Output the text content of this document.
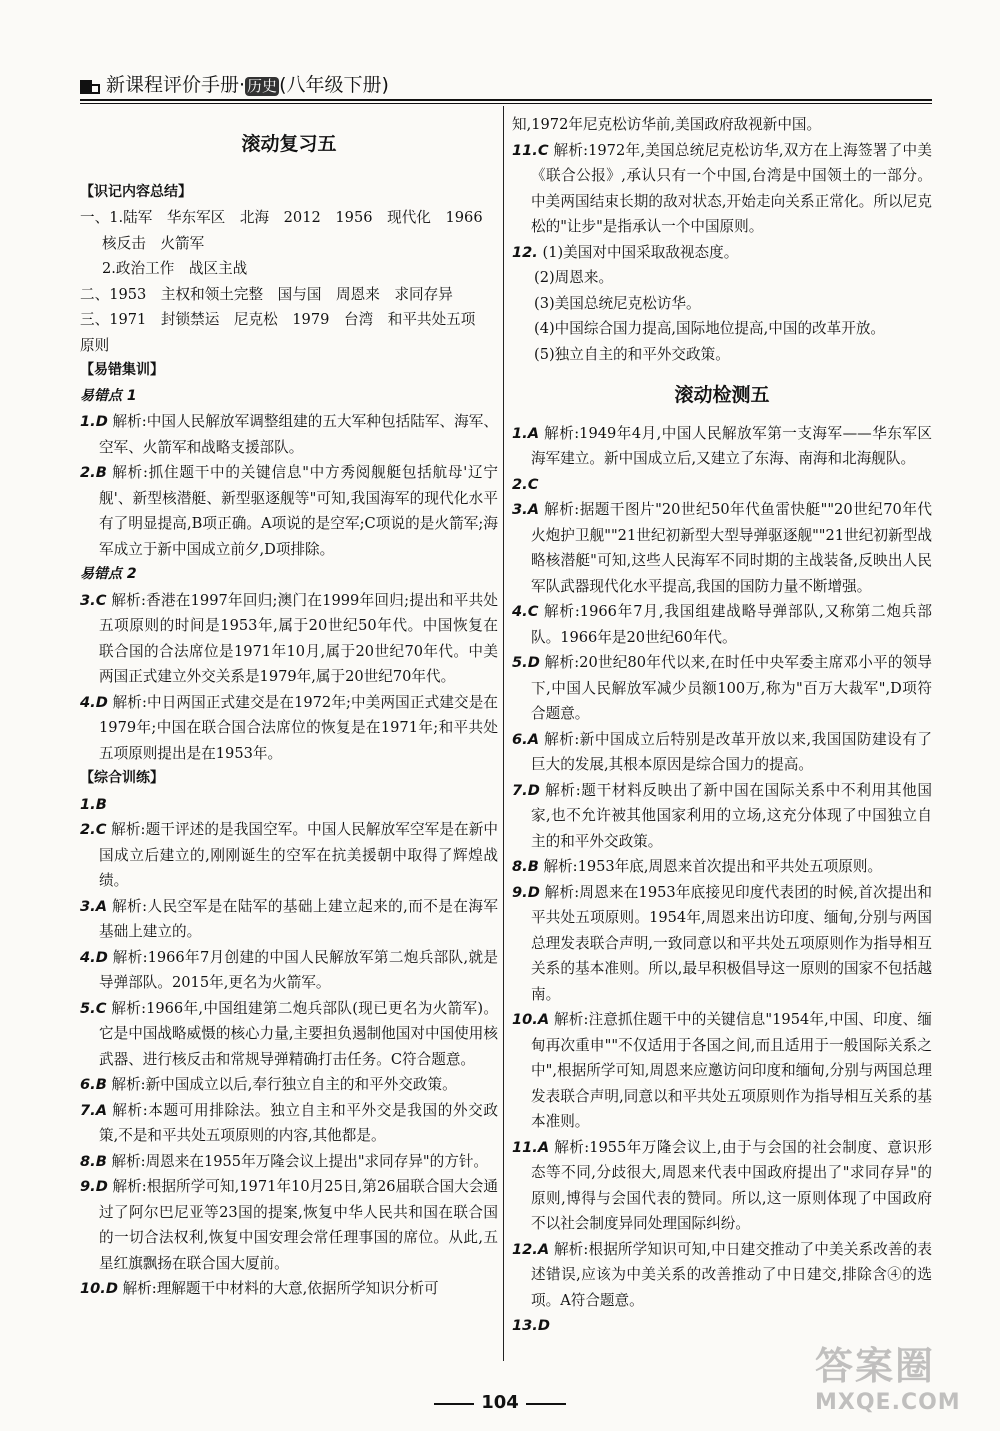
新课程评价手册· 历史 (八年级下册)
滚动复习五
【识记内容总结】
一、1.陆军　华东军区　北海　2012　1956　现代化　1966
核反击　火箭军
2.政治工作　战区主战
二、1953　主权和领土完整　国与国　周恩来　求同存异
三、1971　封锁禁运　尼克松　1979　台湾　和平共处五项
原则
【易错集训】
易错点 1
1.D 解析:中国人民解放军调整组建的五大军种包括陆军、海军、空军、火箭军和战略支援部队。
2.B 解析:抓住题干中的关键信息"中方秀阅舰艇包括航母'辽宁舰'、新型核潜艇、新型驱逐舰等"可知,我国海军的现代化水平有了明显提高,B项正确。A项说的是空军;C项说的是火箭军;海军成立于新中国成立前夕,D项排除。
易错点 2
3.C 解析:香港在1997年回归;澳门在1999年回归;提出和平共处五项原则的时间是1953年,属于20世纪50年代。中国恢复在联合国的合法席位是1971年10月,属于20世纪70年代。中美两国正式建立外交关系是1979年,属于20世纪70年代。
4.D 解析:中日两国正式建交是在1972年;中美两国正式建交是在1979年;中国在联合国合法席位的恢复是在1971年;和平共处五项原则提出是在1953年。
【综合训练】
1.B
2.C 解析:题干评述的是我国空军。中国人民解放军空军是在新中国成立后建立的,刚刚诞生的空军在抗美援朝中取得了辉煌战绩。
3.A 解析:人民空军是在陆军的基础上建立起来的,而不是在海军基础上建立的。
4.D 解析:1966年7月创建的中国人民解放军第二炮兵部队,就是导弹部队。2015年,更名为火箭军。
5.C 解析:1966年,中国组建第二炮兵部队(现已更名为火箭军)。它是中国战略威慑的核心力量,主要担负遏制他国对中国使用核武器、进行核反击和常规导弹精确打击任务。C符合题意。
6.B 解析:新中国成立以后,奉行独立自主的和平外交政策。
7.A 解析:本题可用排除法。独立自主和平外交是我国的外交政策,不是和平共处五项原则的内容,其他都是。
8.B 解析:周恩来在1955年万隆会议上提出"求同存异"的方针。
9.D 解析:根据所学可知,1971年10月25日,第26届联合国大会通过了阿尔巴尼亚等23国的提案,恢复中华人民共和国在联合国的一切合法权利,恢复中国安理会常任理事国的席位。从此,五星红旗飘扬在联合国大厦前。
10.D 解析:理解题干中材料的大意,依据所学知识分析可
知,1972年尼克松访华前,美国政府敌视新中国。
11.C 解析:1972年,美国总统尼克松访华,双方在上海签署了中美《联合公报》,承认只有一个中国,台湾是中国领土的一部分。中美两国结束长期的敌对状态,开始走向关系正常化。所以尼克松的"让步"是指承认一个中国原则。
12. (1)美国对中国采取敌视态度。
(2)周恩来。
(3)美国总统尼克松访华。
(4)中国综合国力提高,国际地位提高,中国的改革开放。
(5)独立自主的和平外交政策。
滚动检测五
1.A 解析:1949年4月,中国人民解放军第一支海军——华东军区海军建立。新中国成立后,又建立了东海、南海和北海舰队。
2.C
3.A 解析:据题干图片"20世纪50年代鱼雷快艇""20世纪70年代火炮护卫舰""21世纪初新型大型导弹驱逐舰""21世纪初新型战略核潜艇"可知,这些人民海军不同时期的主战装备,反映出人民军队武器现代化水平提高,我国的国防力量不断增强。
4.C 解析:1966年7月,我国组建战略导弹部队,又称第二炮兵部队。1966年是20世纪60年代。
5.D 解析:20世纪80年代以来,在时任中央军委主席邓小平的领导下,中国人民解放军减少员额100万,称为"百万大裁军",D项符合题意。
6.A 解析:新中国成立后特别是改革开放以来,我国国防建设有了巨大的发展,其根本原因是综合国力的提高。
7.D 解析:题干材料反映出了新中国在国际关系中不利用其他国家,也不允许被其他国家利用的立场,这充分体现了中国独立自主的和平外交政策。
8.B 解析:1953年底,周恩来首次提出和平共处五项原则。
9.D 解析:周恩来在1953年底接见印度代表团的时候,首次提出和平共处五项原则。1954年,周恩来出访印度、缅甸,分别与两国总理发表联合声明,一致同意以和平共处五项原则作为指导相互关系的基本准则。所以,最早积极倡导这一原则的国家不包括越南。
10.A 解析:注意抓住题干中的关键信息"1954年,中国、印度、缅甸再次重申""不仅适用于各国之间,而且适用于一般国际关系之中",根据所学可知,周恩来应邀访问印度和缅甸,分别与两国总理发表联合声明,同意以和平共处五项原则作为指导相互关系的基本准则。
11.A 解析:1955年万隆会议上,由于与会国的社会制度、意识形态等不同,分歧很大,周恩来代表中国政府提出了"求同存异"的原则,博得与会国代表的赞同。所以,这一原则体现了中国政府不以社会制度异同处理国际纠纷。
12.A 解析:根据所学知识可知,中日建交推动了中美关系改善的表述错误,应该为中美关系的改善推动了中日建交,排除含④的选项。A符合题意。
13.D
104
答案圈
MXQE.COM
